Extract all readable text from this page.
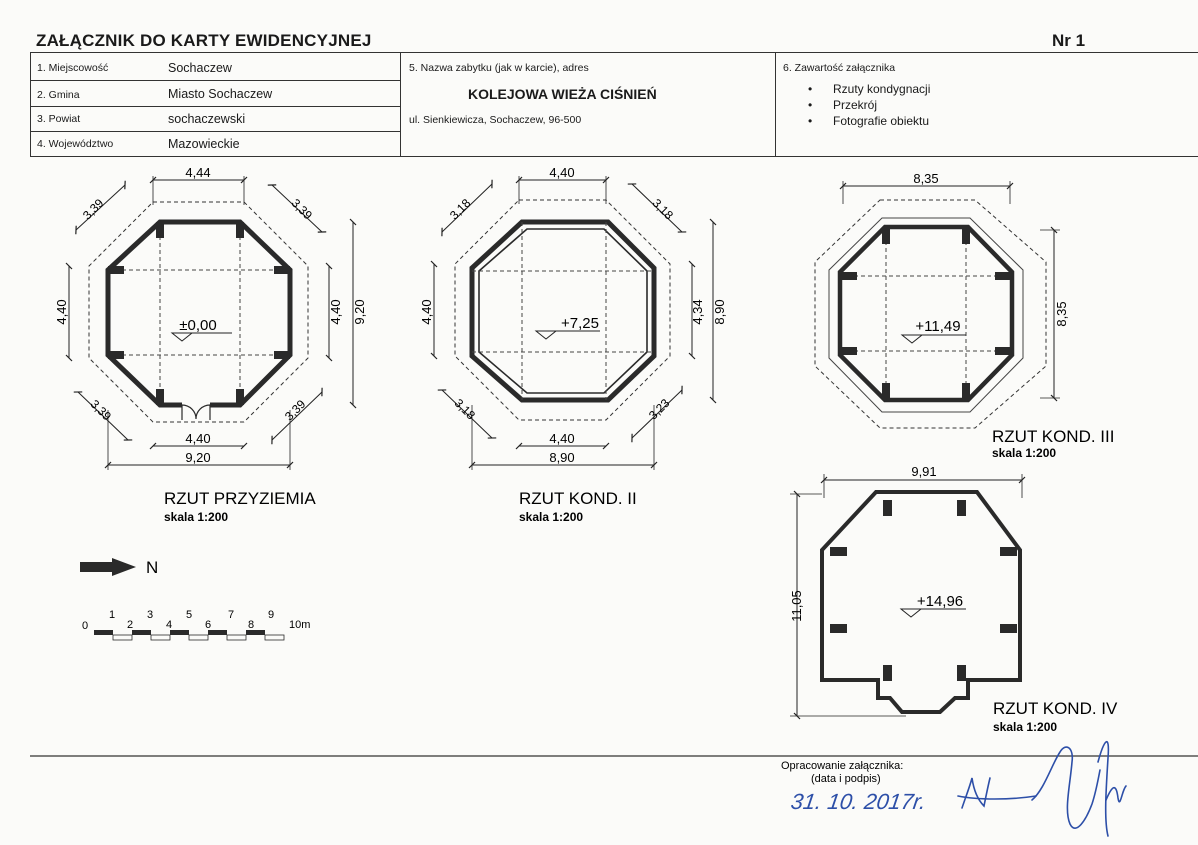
ZAŁĄCZNIK DO KARTY EWIDENCYJNEJ	Nr 1
1. Miejscowość	Sochaczew
2. Gmina	Miasto Sochaczew
3. Powiat	sochaczewski
4. Województwo	Mazowieckie
5. Nazwa zabytku (jak w karcie), adres
KOLEJOWA WIEŻA CIŚNIEŃ
ul. Sienkiewicza, Sochaczew, 96-500
6. Zawartość załącznika
• Rzuty kondygnacji
• Przekrój
• Fotografie obiektu
4,44
4,40
9,20
4,40	4,40 9,20
3,39	3,39
3,39	3,39
±0,00
RZUT PRZYZIEMIA
skala 1:200
4,40
4,40
8,90
4,40	4,34 8,90
3,18	3,18
3,18	3,23
+7,25
RZUT KOND. II
skala 1:200
8,35
8,35
+11,49
RZUT KOND. III
skala 1:200
9,91
11,05	+14,96
RZUT KOND. IV
skala 1:200
N
0
1
2
3
4
5
6
7
8
9
10m
Opracowanie załącznika:
(data i podpis)
31. 10. 2017r.
